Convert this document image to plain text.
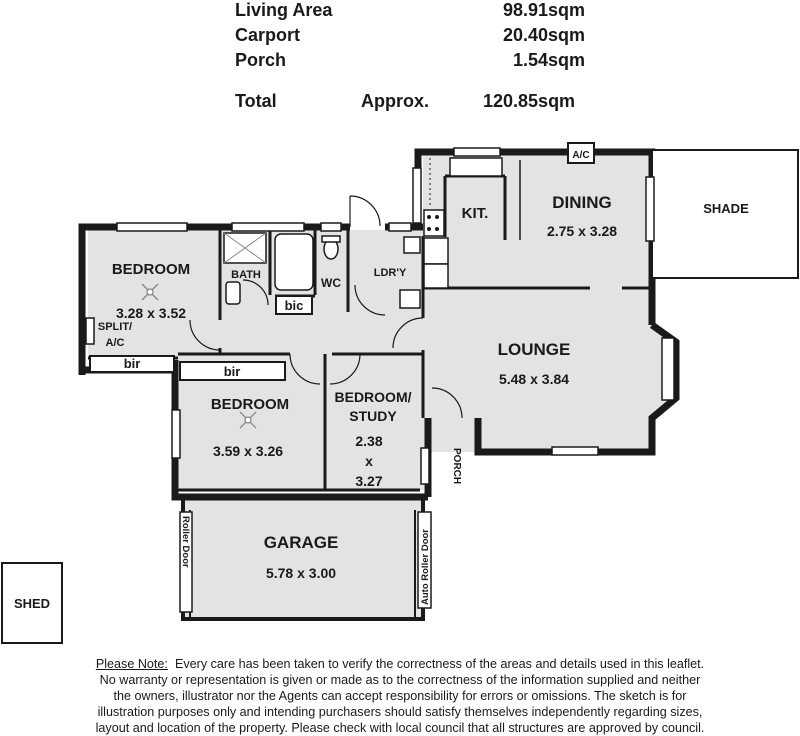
Living Area	98.91sqm
Carport	20.40sqm
Porch	1.54sqm
Total	Approx.	120.85sqm
BEDROOM
3.28 x 3.52
BATH
bic
WC
LDR'Y
KIT.
DINING
2.75 x 3.28
SHADE
A/C
SPLIT/
A/C
bir
bir
LOUNGE
5.48 x 3.84
BEDROOM
3.59 x 3.26
BEDROOM/
STUDY
2.38
x
3.27	PORCH
GARAGE
5.78 x 3.00
Roller Door	Auto Roller Door
SHED
Please Note: Every care has been taken to verify the correctness of the areas and details used in this leaflet.
No warranty or representation is given or made as to the correctness of the information supplied and neither
the owners, illustrator nor the Agents can accept responsibility for errors or omissions. The sketch is for
illustration purposes only and intending purchasers should satisfy themselves independently regarding sizes,
layout and location of the property. Please check with local council that all structures are approved by council.
